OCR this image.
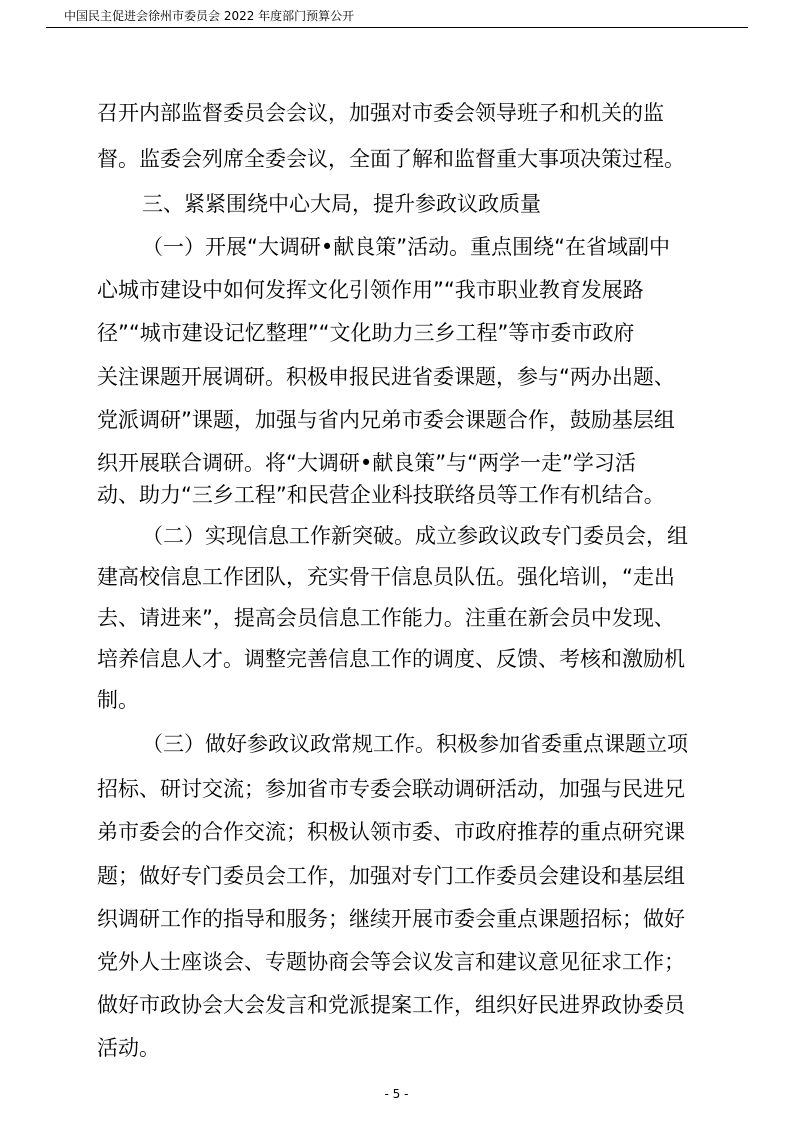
中国民主促进会徐州市委员会 2022 年度部门预算公开
召开内部监督委员会会议，加强对市委会领导班子和机关的监
督。监委会列席全委会议，全面了解和监督重大事项决策过程。
三、紧紧围绕中心大局，提升参政议政质量
（一）开展“大调研•献良策”活动。重点围绕“在省域副中
心城市建设中如何发挥文化引领作用”“我市职业教育发展路
径”“城市建设记忆整理”“文化助力三乡工程”等市委市政府
关注课题开展调研。积极申报民进省委课题，参与“两办出题、
党派调研”课题，加强与省内兄弟市委会课题合作，鼓励基层组
织开展联合调研。将“大调研•献良策”与“两学一走”学习活
动、助力“三乡工程”和民营企业科技联络员等工作有机结合。
（二）实现信息工作新突破。成立参政议政专门委员会，组
建高校信息工作团队，充实骨干信息员队伍。强化培训，“走出
去、请进来”，提高会员信息工作能力。注重在新会员中发现、
培养信息人才。调整完善信息工作的调度、反馈、考核和激励机
制。
（三）做好参政议政常规工作。积极参加省委重点课题立项
招标、研讨交流；参加省市专委会联动调研活动，加强与民进兄
弟市委会的合作交流；积极认领市委、市政府推荐的重点研究课
题；做好专门委员会工作，加强对专门工作委员会建设和基层组
织调研工作的指导和服务；继续开展市委会重点课题招标；做好
党外人士座谈会、专题协商会等会议发言和建议意见征求工作；
做好市政协会大会发言和党派提案工作，组织好民进界政协委员
活动。
- 5 -
